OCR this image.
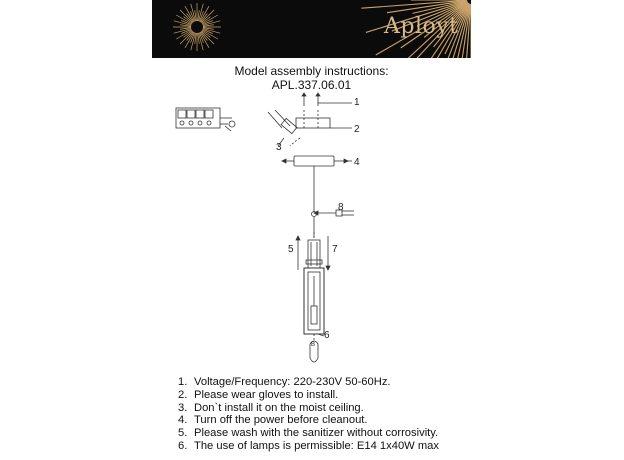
Aployt
Model assembly instructions:
APL.337.06.01
1
2
3
4
5
6
7
8
B
1. Voltage/Frequency: 220-230V 50-60Hz.
2. Please wear gloves to install.
3. Don`t install it on the moist ceiling.
4. Turn off the power before cleanout.
5. Please wash with the sanitizer without corrosivity.
6. The use of lamps is permissible: E14 1x40W max
